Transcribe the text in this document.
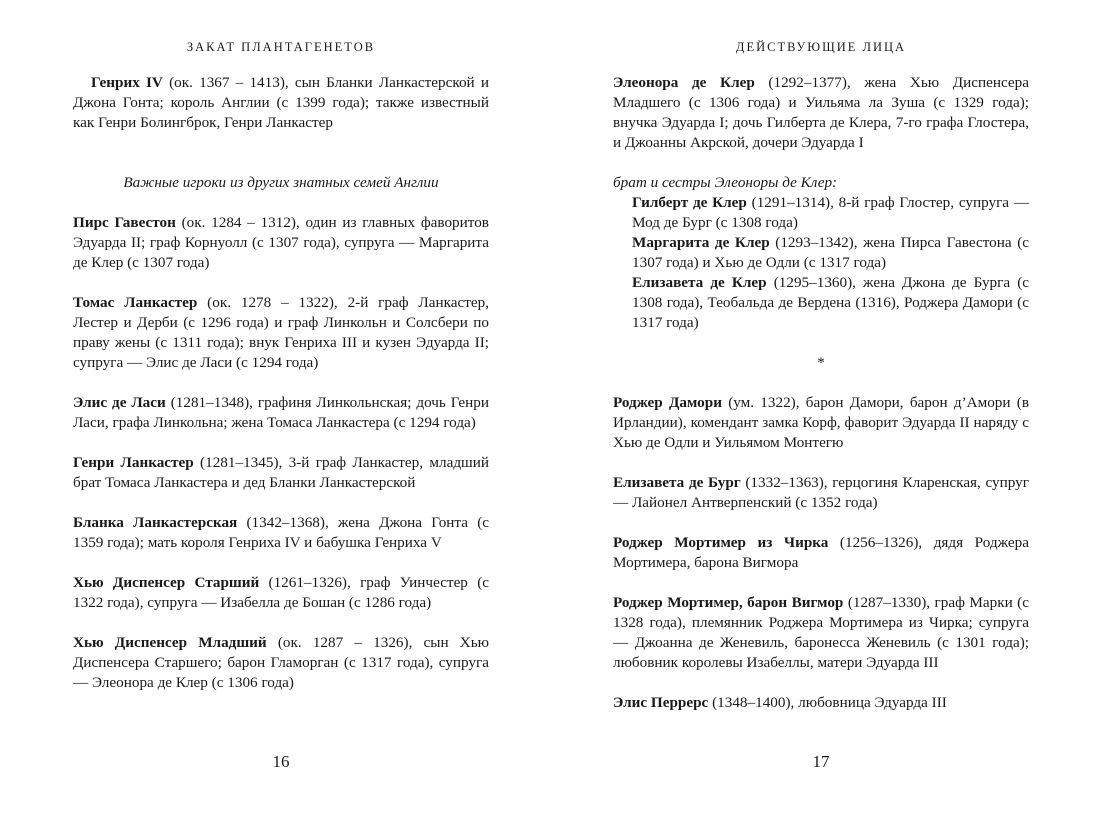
ЗАКАТ ПЛАНТАГЕНЕТОВ

Генрих IV (ок. 1367 – 1413), сын Бланки Ланкастерской и Джона Гонта; король Англии (с 1399 года); также известный как Генри Болингброк, Генри Ланкастер

Важные игроки из других знатных семей Англии

Пирс Гавестон (ок. 1284 – 1312), один из главных фаворитов Эдуарда II; граф Корнуолл (с 1307 года), супруга — Маргарита де Клер (с 1307 года)

Томас Ланкастер (ок. 1278 – 1322), 2-й граф Ланкастер, Лестер и Дерби (с 1296 года) и граф Линкольн и Солсбери по праву жены (с 1311 года); внук Генриха III и кузен Эдуарда II; супруга — Элис де Ласи (с 1294 года)

Элис де Ласи (1281–1348), графиня Линкольнская; дочь Генри Ласи, графа Линкольна; жена Томаса Ланкастера (с 1294 года)

Генри Ланкастер (1281–1345), 3-й граф Ланкастер, младший брат Томаса Ланкастера и дед Бланки Ланкастерской

Бланка Ланкастерская (1342–1368), жена Джона Гонта (с 1359 года); мать короля Генриха IV и бабушка Генриха V

Хью Диспенсер Старший (1261–1326), граф Уинчестер (с 1322 года), супруга — Изабелла де Бошан (с 1286 года)

Хью Диспенсер Младший (ок. 1287 – 1326), сын Хью Диспенсера Старшего; барон Гламорган (с 1317 года), супруга — Элеонора де Клер (с 1306 года)

16
ДЕЙСТВУЮЩИЕ ЛИЦА

Элеонора де Клер (1292–1377), жена Хью Диспенсера Младшего (с 1306 года) и Уильяма ла Зуша (с 1329 года); внучка Эдуарда I; дочь Гилберта де Клера, 7-го графа Глостера, и Джоанны Акрской, дочери Эдуарда I

брат и сестры Элеоноры де Клер:

Гилберт де Клер (1291–1314), 8-й граф Глостер, супруга — Мод де Бург (с 1308 года)

Маргарита де Клер (1293–1342), жена Пирса Гавестона (с 1307 года) и Хью де Одли (с 1317 года)

Елизавета де Клер (1295–1360), жена Джона де Бурга (с 1308 года), Теобальда де Вердена (1316), Роджера Дамори (с 1317 года)

*

Роджер Дамори (ум. 1322), барон Дамори, барон д’Амори (в Ирландии), комендант замка Корф, фаворит Эдуарда II наряду с Хью де Одли и Уильямом Монтегю

Елизавета де Бург (1332–1363), герцогиня Кларенская, супруг — Лайонел Антверпенский (с 1352 года)

Роджер Мортимер из Чирка (1256–1326), дядя Роджера Мортимера, барона Вигмора

Роджер Мортимер, барон Вигмор (1287–1330), граф Марки (с 1328 года), племянник Роджера Мортимера из Чирка; супруга — Джоанна де Женевиль, баронесса Женевиль (с 1301 года); любовник королевы Изабеллы, матери Эдуарда III

Элис Перрерс (1348–1400), любовница Эдуарда III

17
